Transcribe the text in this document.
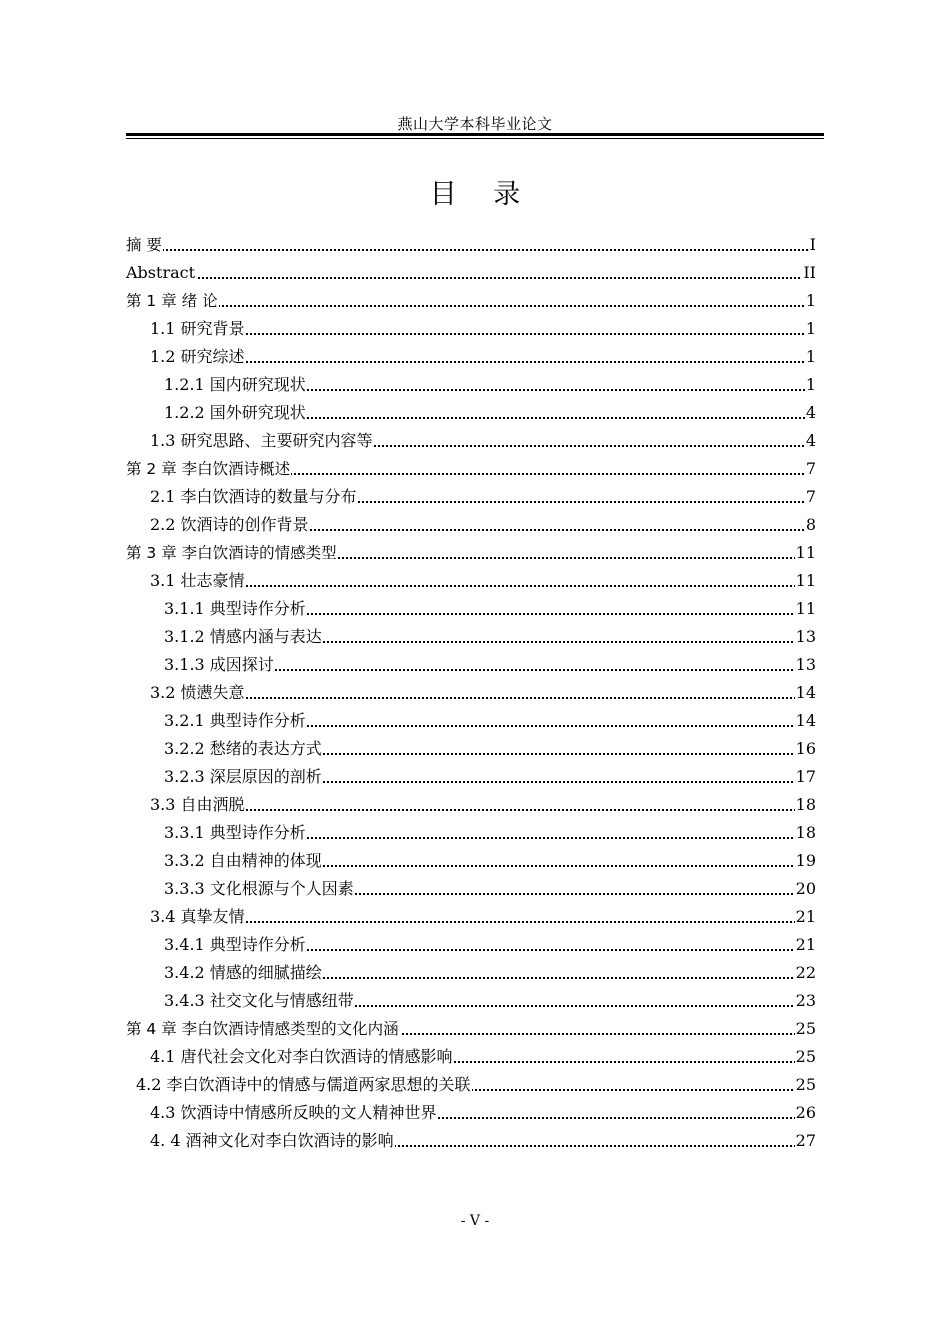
燕山大学本科毕业论文
目 录
摘 要	I
Abstract	II
第 1 章 绪 论	1
1.1 研究背景	1
1.2 研究综述	1
1.2.1 国内研究现状	1
1.2.2 国外研究现状	4
1.3 研究思路、主要研究内容等	4
第 2 章 李白饮酒诗概述	7
2.1 李白饮酒诗的数量与分布	7
2.2 饮酒诗的创作背景	8
第 3 章 李白饮酒诗的情感类型	11
3.1 壮志豪情	11
3.1.1 典型诗作分析	11
3.1.2 情感内涵与表达	13
3.1.3 成因探讨	13
3.2 愤懑失意	14
3.2.1 典型诗作分析	14
3.2.2 愁绪的表达方式	16
3.2.3 深层原因的剖析	17
3.3 自由洒脱	18
3.3.1 典型诗作分析	18
3.3.2 自由精神的体现	19
3.3.3 文化根源与个人因素	20
3.4 真挚友情	21
3.4.1 典型诗作分析	21
3.4.2 情感的细腻描绘	22
3.4.3 社交文化与情感纽带	23
第 4 章 李白饮酒诗情感类型的文化内涵	25
4.1 唐代社会文化对李白饮酒诗的情感影响	25
4.2 李白饮酒诗中的情感与儒道两家思想的关联	25
4.3 饮酒诗中情感所反映的文人精神世界	26
4. 4 酒神文化对李白饮酒诗的影响	27
- V -
